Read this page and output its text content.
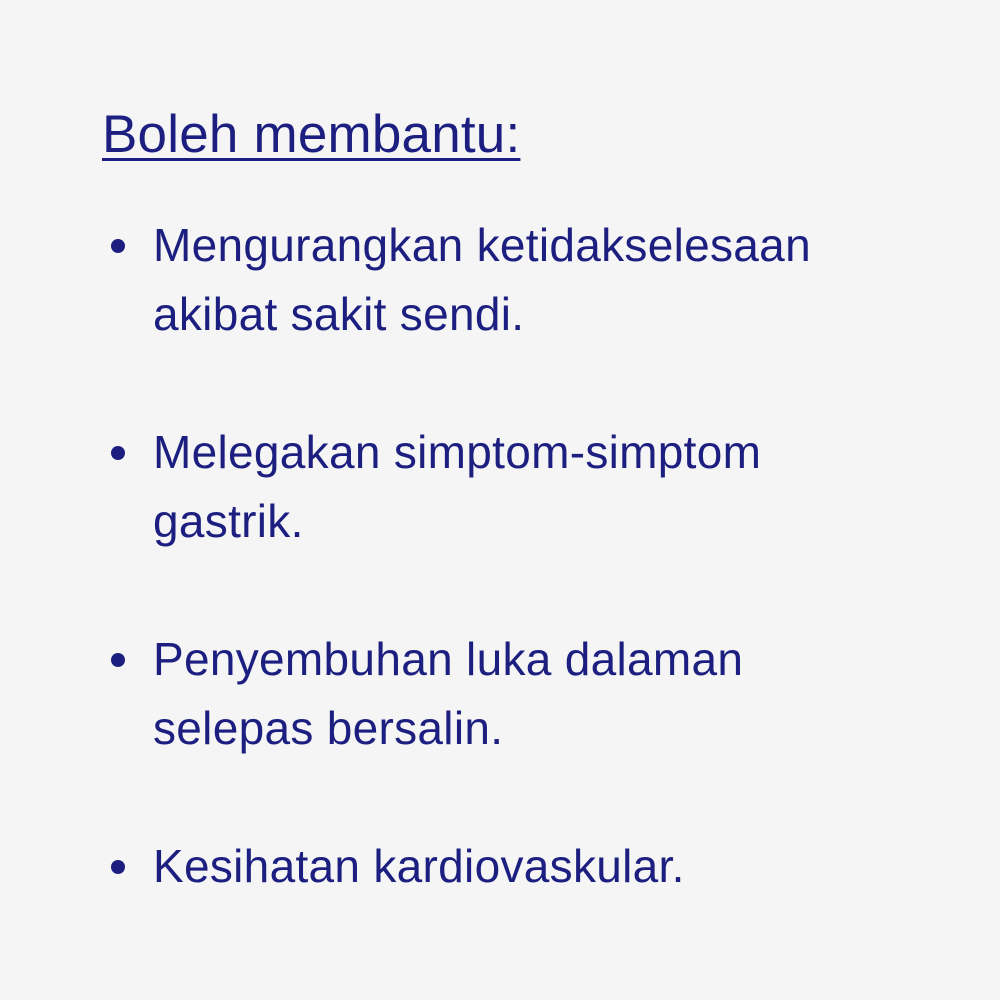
Boleh membantu:
Mengurangkan ketidakselesaan
akibat sakit sendi.
Melegakan simptom-simptom
gastrik.
Penyembuhan luka dalaman
selepas bersalin.
Kesihatan kardiovaskular.
